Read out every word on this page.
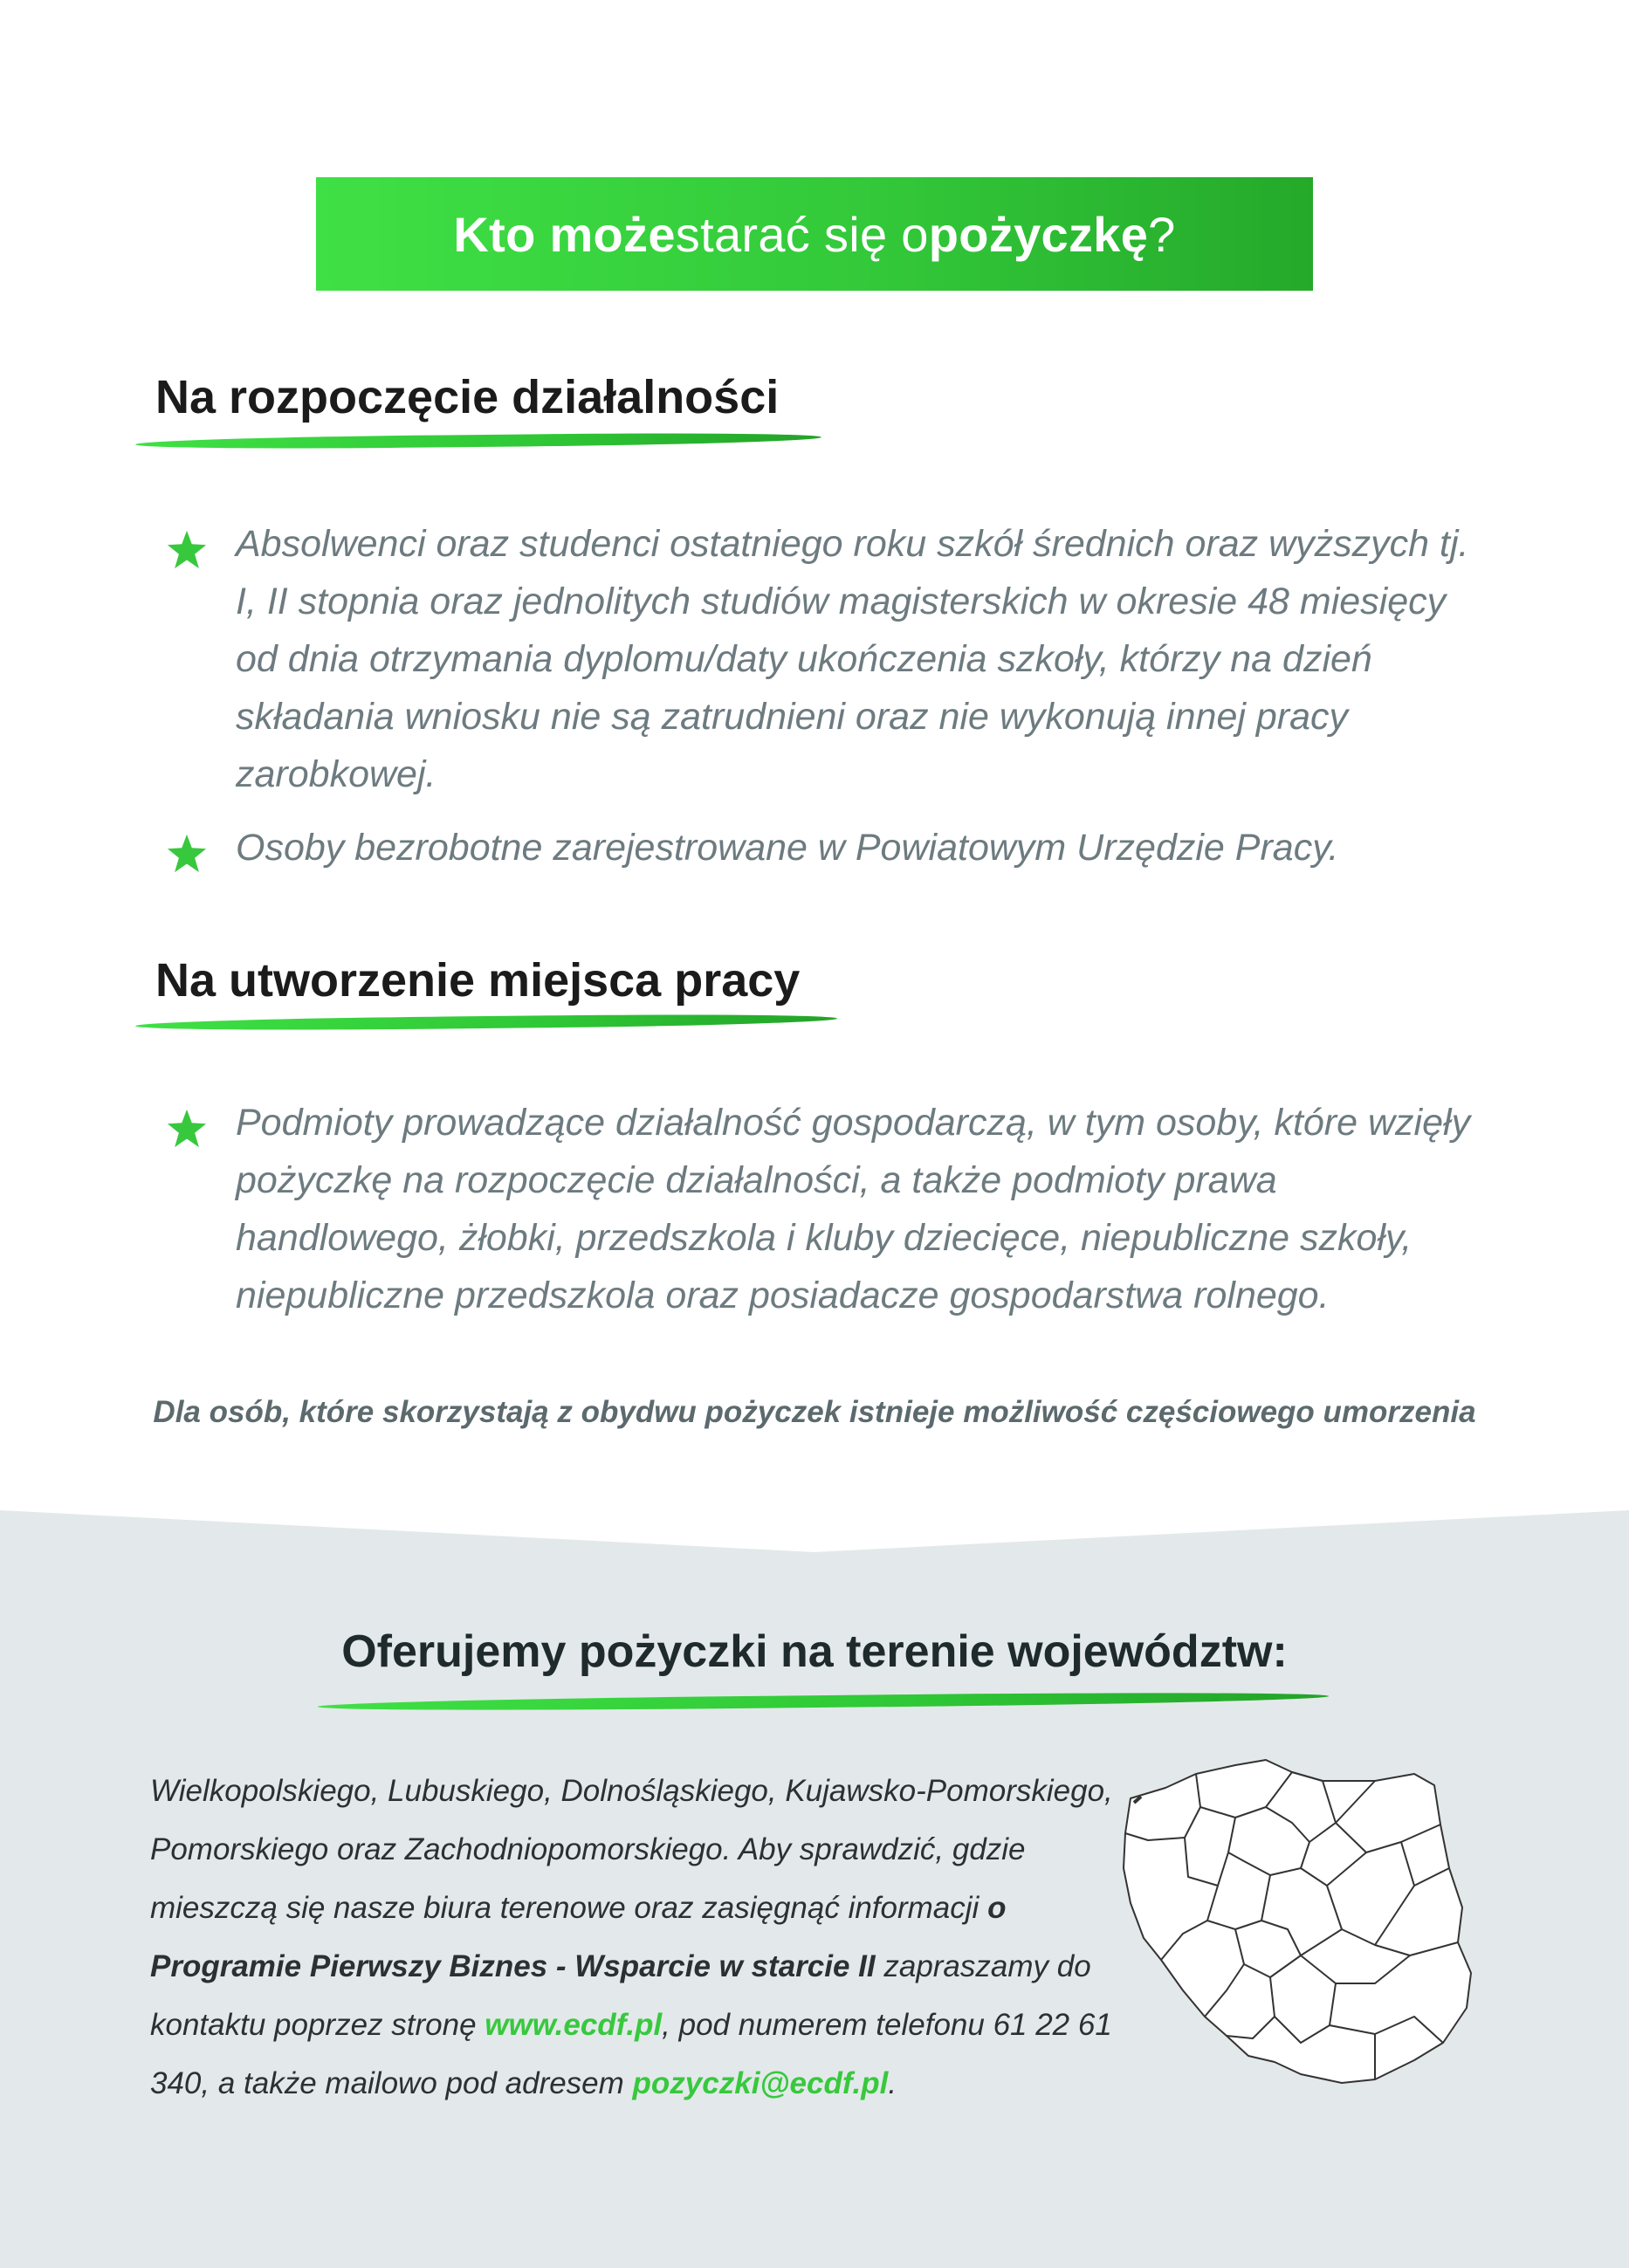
Kto może starać się o pożyczkę ?
Na rozpoczęcie działalności

Absolwenci oraz studenci ostatniego roku szkół średnich oraz wyższych tj. I, II stopnia oraz jednolitych studiów magisterskich w okresie 48 miesięcy od dnia otrzymania dyplomu/daty ukończenia szkoły, którzy na dzień składania wniosku nie są zatrudnieni oraz nie wykonują innej pracy zarobkowej.

Osoby bezrobotne zarejestrowane w Powiatowym Urzędzie Pracy.

Na utworzenie miejsca pracy

Podmioty prowadzące działalność gospodarczą, w tym osoby, które wzięły pożyczkę na rozpoczęcie działalności, a także podmioty prawa handlowego, żłobki, przedszkola i kluby dziecięce, niepubliczne szkoły, niepubliczne przedszkola oraz posiadacze gospodarstwa rolnego.

Dla osób, które skorzystają z obydwu pożyczek istnieje możliwość częściowego umorzenia
Oferujemy pożyczki na terenie województw:

Wielkopolskiego, Lubuskiego, Dolnośląskiego, Kujawsko-Pomorskiego, Pomorskiego oraz Zachodniopomorskiego. Aby sprawdzić, gdzie mieszczą się nasze biura terenowe oraz zasięgnąć informacji o Programie Pierwszy Biznes - Wsparcie w starcie II zapraszamy do kontaktu poprzez stronę www.ecdf.pl, pod numerem telefonu 61 22 61 340, a także mailowo pod adresem pozyczki@ecdf.pl.
